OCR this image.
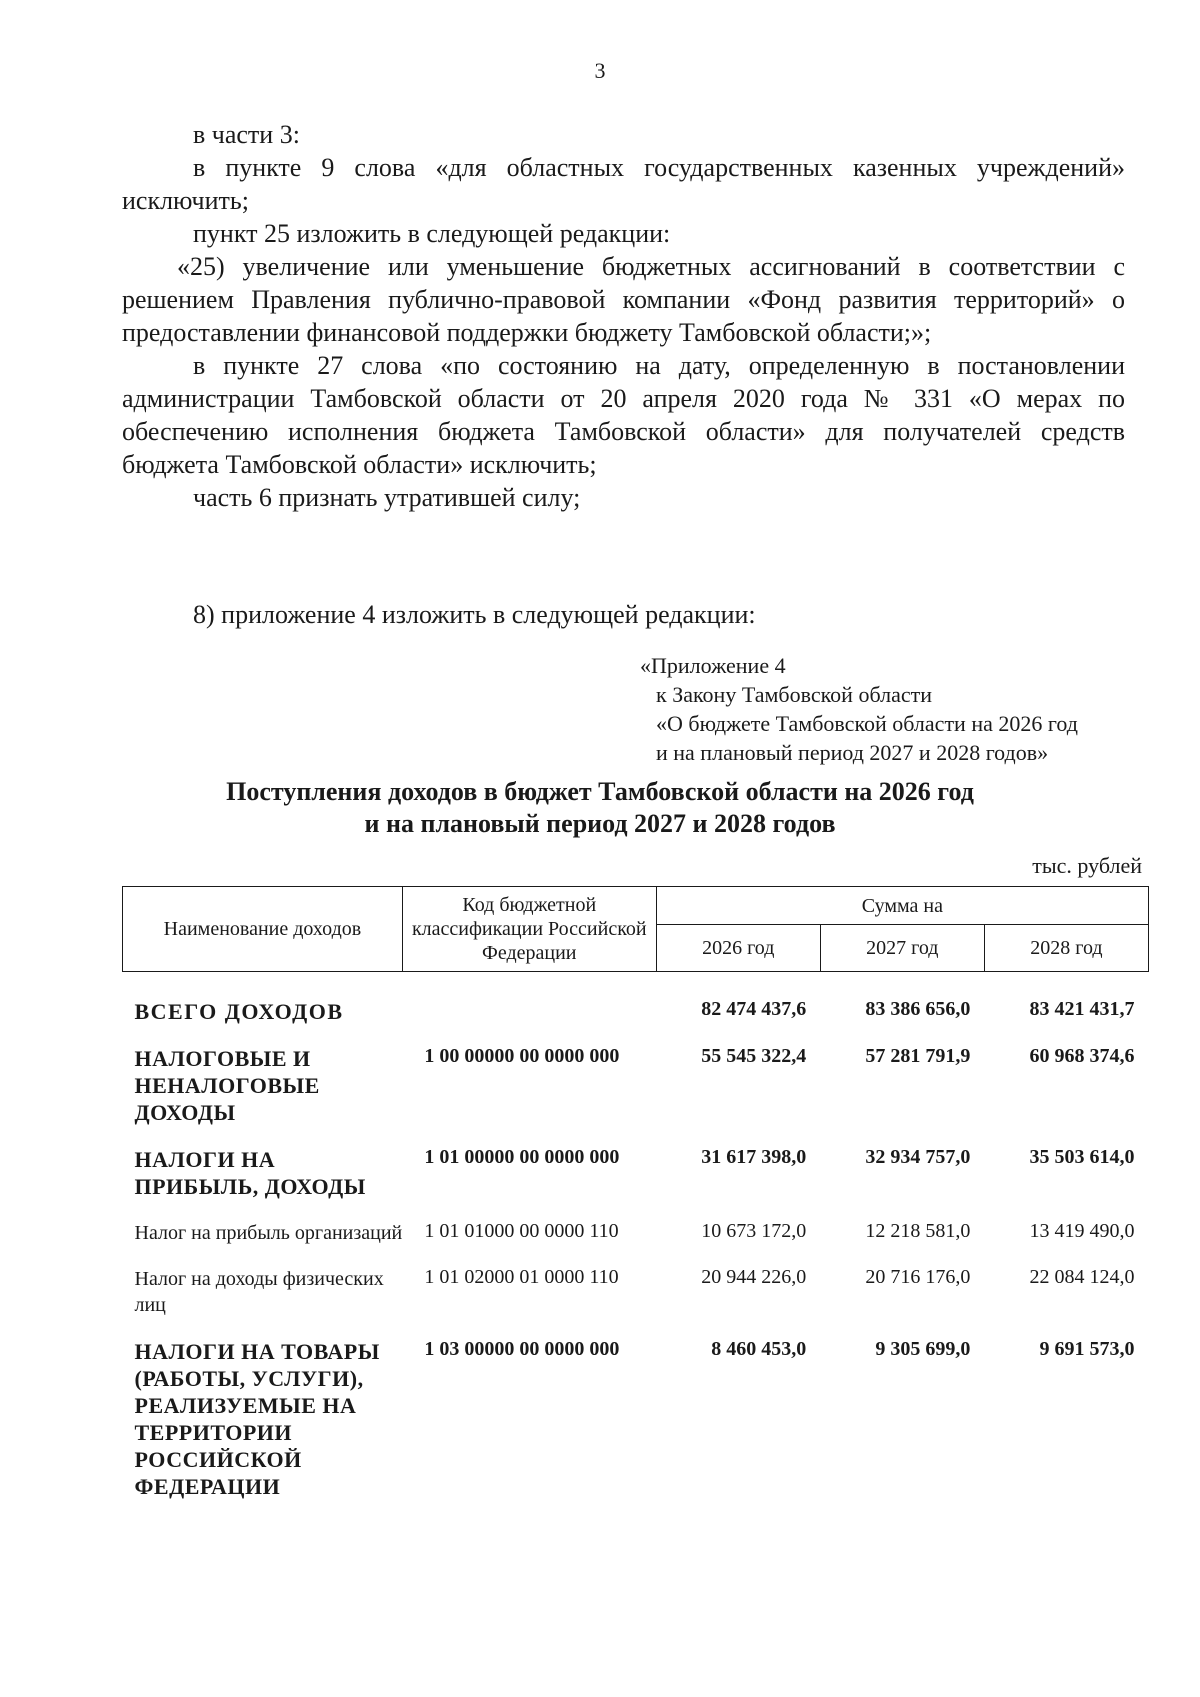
3

в части 3:

в пункте 9 слова «для областных государственных казенных учреждений» исключить;

пункт 25 изложить в следующей редакции:

«25) увеличение или уменьшение бюджетных ассигнований в соответствии с решением Правления публично-правовой компании «Фонд развития территорий» о предоставлении финансовой поддержки бюджету Тамбовской области;»;

в пункте 27 слова «по состоянию на дату, определенную в постановлении администрации Тамбовской области от 20 апреля 2020 года № 331 «О мерах по обеспечению исполнения бюджета Тамбовской области» для получателей средств бюджета Тамбовской области» исключить;

часть 6 признать утратившей силу;

8) приложение 4 изложить в следующей редакции:
«Приложение 4
к Закону Тамбовской области
«О бюджете Тамбовской области на 2026 год
и на плановый период 2027 и 2028 годов»
Поступления доходов в бюджет Тамбовской области на 2026 год
и на плановый период 2027 и 2028 годов
тыс. рублей
Наименование доходов	Код бюджетной классификации Российской Федерации	Сумма на		
		2026 год	2027 год	2028 год
ВСЕГО ДОХОДОВ		82 474 437,6	83 386 656,0	83 421 431,7
НАЛОГОВЫЕ И НЕНАЛОГОВЫЕ ДОХОДЫ	1 00 00000 00 0000 000	55 545 322,4	57 281 791,9	60 968 374,6
НАЛОГИ НА ПРИБЫЛЬ, ДОХОДЫ	1 01 00000 00 0000 000	31 617 398,0	32 934 757,0	35 503 614,0
Налог на прибыль организаций	1 01 01000 00 0000 110	10 673 172,0	12 218 581,0	13 419 490,0
Налог на доходы физических лиц	1 01 02000 01 0000 110	20 944 226,0	20 716 176,0	22 084 124,0
НАЛОГИ НА ТОВАРЫ (РАБОТЫ, УСЛУГИ), РЕАЛИЗУЕМЫЕ НА ТЕРРИТОРИИ РОССИЙСКОЙ ФЕДЕРАЦИИ	1 03 00000 00 0000 000	8 460 453,0	9 305 699,0	9 691 573,0
